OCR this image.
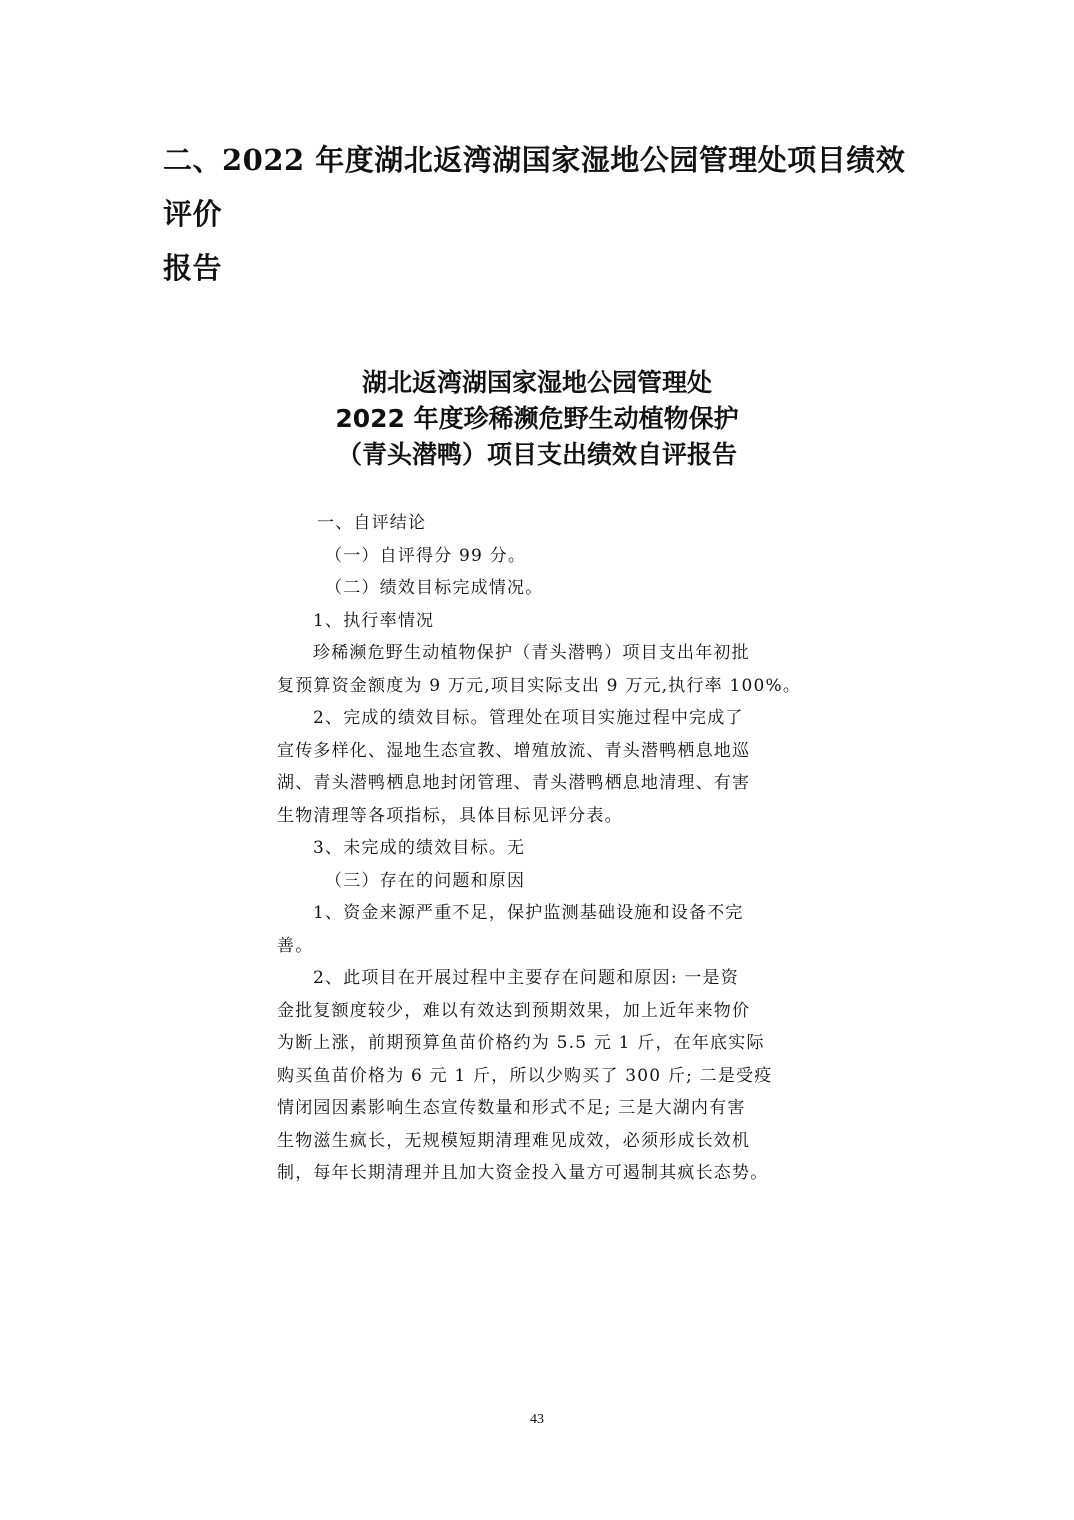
二、2022 年度湖北返湾湖国家湿地公园管理处项目绩效评价
报告
湖北返湾湖国家湿地公园管理处
2022 年度珍稀濒危野生动植物保护
（青头潜鸭）项目支出绩效自评报告

一、自评结论

（一）自评得分 99 分。

（二）绩效目标完成情况。

1、执行率情况

珍稀濒危野生动植物保护（青头潜鸭）项目支出年初批

复预算资金额度为 9 万元,项目实际支出 9 万元,执行率 100%。

2、完成的绩效目标。管理处在项目实施过程中完成了

宣传多样化、湿地生态宣教、增殖放流、青头潜鸭栖息地巡

湖、青头潜鸭栖息地封闭管理、青头潜鸭栖息地清理、有害

生物清理等各项指标，具体目标见评分表。

3、未完成的绩效目标。无

（三）存在的问题和原因

1、资金来源严重不足，保护监测基础设施和设备不完

善。

2、此项目在开展过程中主要存在问题和原因: 一是资

金批复额度较少，难以有效达到预期效果，加上近年来物价

为断上涨，前期预算鱼苗价格约为 5.5 元 1 斤，在年底实际

购买鱼苗价格为 6 元 1 斤，所以少购买了 300 斤; 二是受疫

情闭园因素影响生态宣传数量和形式不足; 三是大湖内有害

生物滋生疯长，无规模短期清理难见成效，必须形成长效机

制，每年长期清理并且加大资金投入量方可遏制其疯长态势。

43
